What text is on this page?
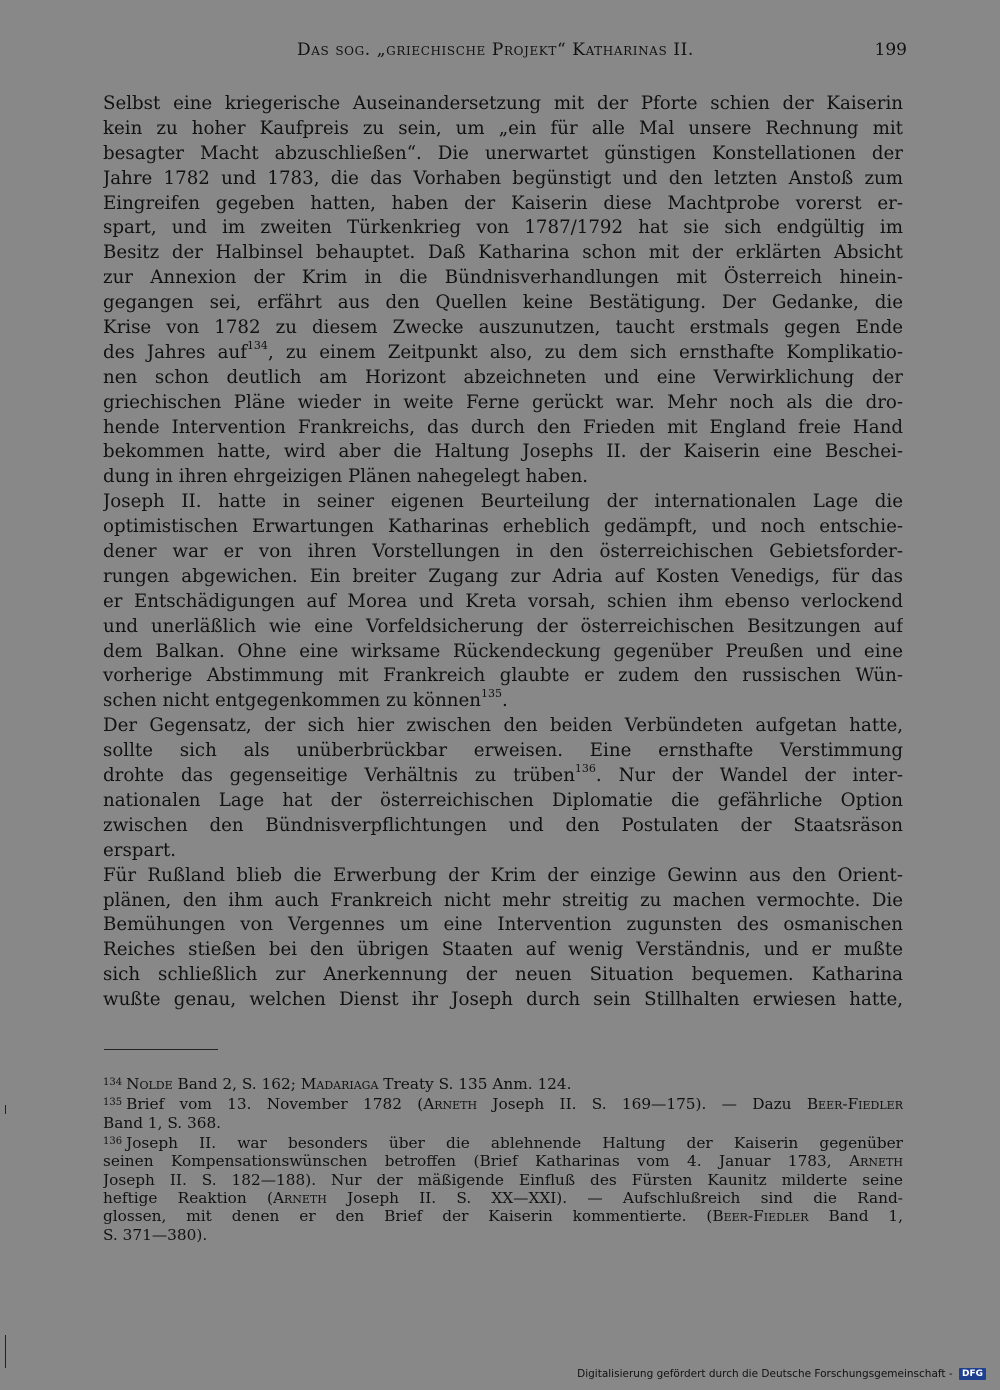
Das sog. „griechische Projekt“ Katharinas II.	199
Selbst eine kriegerische Auseinandersetzung mit der Pforte schien der Kaiserin
kein zu hoher Kaufpreis zu sein, um „ein für alle Mal unsere Rechnung mit
besagter Macht abzuschließen“. Die unerwartet günstigen Konstellationen der
Jahre 1782 und 1783, die das Vorhaben begünstigt und den letzten Anstoß zum
Eingreifen gegeben hatten, haben der Kaiserin diese Machtprobe vorerst er-
spart, und im zweiten Türkenkrieg von 1787/1792 hat sie sich endgültig im
Besitz der Halbinsel behauptet. Daß Katharina schon mit der erklärten Absicht
zur Annexion der Krim in die Bündnisverhandlungen mit Österreich hinein-
gegangen sei, erfährt aus den Quellen keine Bestätigung. Der Gedanke, die
Krise von 1782 zu diesem Zwecke auszunutzen, taucht erstmals gegen Ende
des Jahres auf$^{134}$, zu einem Zeitpunkt also, zu dem sich ernsthafte Komplikatio-
nen schon deutlich am Horizont abzeichneten und eine Verwirklichung der
griechischen Pläne wieder in weite Ferne gerückt war. Mehr noch als die dro-
hende Intervention Frankreichs, das durch den Frieden mit England freie Hand
bekommen hatte, wird aber die Haltung Josephs II. der Kaiserin eine Beschei-
dung in ihren ehrgeizigen Plänen nahegelegt haben.
Joseph II. hatte in seiner eigenen Beurteilung der internationalen Lage die
optimistischen Erwartungen Katharinas erheblich gedämpft, und noch entschie-
dener war er von ihren Vorstellungen in den österreichischen Gebietsforder-
rungen abgewichen. Ein breiter Zugang zur Adria auf Kosten Venedigs, für das
er Entschädigungen auf Morea und Kreta vorsah, schien ihm ebenso verlockend
und unerläßlich wie eine Vorfeldsicherung der österreichischen Besitzungen auf
dem Balkan. Ohne eine wirksame Rückendeckung gegenüber Preußen und eine
vorherige Abstimmung mit Frankreich glaubte er zudem den russischen Wün-
schen nicht entgegenkommen zu können$^{135}$.
Der Gegensatz, der sich hier zwischen den beiden Verbündeten aufgetan hatte,
sollte sich als unüberbrückbar erweisen. Eine ernsthafte Verstimmung
drohte das gegenseitige Verhältnis zu trüben$^{136}$. Nur der Wandel der inter-
nationalen Lage hat der österreichischen Diplomatie die gefährliche Option
zwischen den Bündnisverpflichtungen und den Postulaten der Staatsräson
erspart.
Für Rußland blieb die Erwerbung der Krim der einzige Gewinn aus den Orient-
plänen, den ihm auch Frankreich nicht mehr streitig zu machen vermochte. Die
Bemühungen von Vergennes um eine Intervention zugunsten des osmanischen
Reiches stießen bei den übrigen Staaten auf wenig Verständnis, und er mußte
sich schließlich zur Anerkennung der neuen Situation bequemen. Katharina
wußte genau, welchen Dienst ihr Joseph durch sein Stillhalten erwiesen hatte,
$^{134}$ Nolde Band 2, S. 162; Madariaga Treaty S. 135 Anm. 124.
$^{135}$ Brief vom 13. November 1782 (Arneth Joseph II. S. 169—175). — Dazu Beer-Fiedler
Band 1, S. 368.
$^{136}$ Joseph II. war besonders über die ablehnende Haltung der Kaiserin gegenüber
seinen Kompensationswünschen betroffen (Brief Katharinas vom 4. Januar 1783, Arneth
Joseph II. S. 182—188). Nur der mäßigende Einfluß des Fürsten Kaunitz milderte seine
heftige Reaktion (Arneth Joseph II. S. XX—XXI). — Aufschlußreich sind die Rand-
glossen, mit denen er den Brief der Kaiserin kommentierte. (Beer-Fiedler Band 1,
S. 371—380).
Digitalisierung gefördert durch die Deutsche Forschungsgemeinschaft - DFG
